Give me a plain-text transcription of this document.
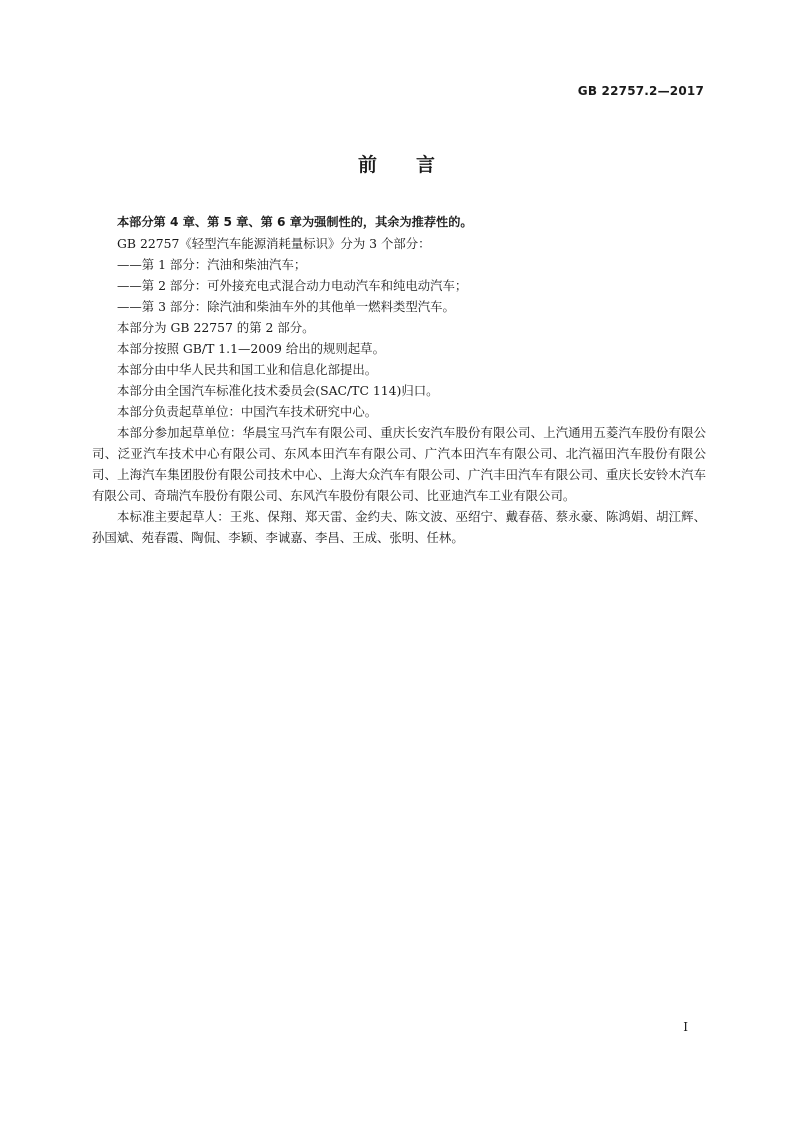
GB 22757.2—2017
前 言

本部分第 4 章、第 5 章、第 6 章为强制性的，其余为推荐性的。

GB 22757《轻型汽车能源消耗量标识》分为 3 个部分：

——第 1 部分：汽油和柴油汽车；

——第 2 部分：可外接充电式混合动力电动汽车和纯电动汽车；

——第 3 部分：除汽油和柴油车外的其他单一燃料类型汽车。

本部分为 GB 22757 的第 2 部分。

本部分按照 GB/T 1.1—2009 给出的规则起草。

本部分由中华人民共和国工业和信息化部提出。

本部分由全国汽车标准化技术委员会(SAC/TC 114)归口。

本部分负责起草单位：中国汽车技术研究中心。

本部分参加起草单位：华晨宝马汽车有限公司、重庆长安汽车股份有限公司、上汽通用五菱汽车股份有限公司、泛亚汽车技术中心有限公司、东风本田汽车有限公司、广汽本田汽车有限公司、北汽福田汽车股份有限公司、上海汽车集团股份有限公司技术中心、上海大众汽车有限公司、广汽丰田汽车有限公司、重庆长安铃木汽车有限公司、奇瑞汽车股份有限公司、东风汽车股份有限公司、比亚迪汽车工业有限公司。

本标准主要起草人：王兆、保翔、郑天雷、金约夫、陈文波、巫绍宁、戴春蓓、蔡永豪、陈鸿娟、胡江辉、孙国斌、苑春霞、陶侃、李颖、李诚嘉、李昌、王成、张明、任林。

I
